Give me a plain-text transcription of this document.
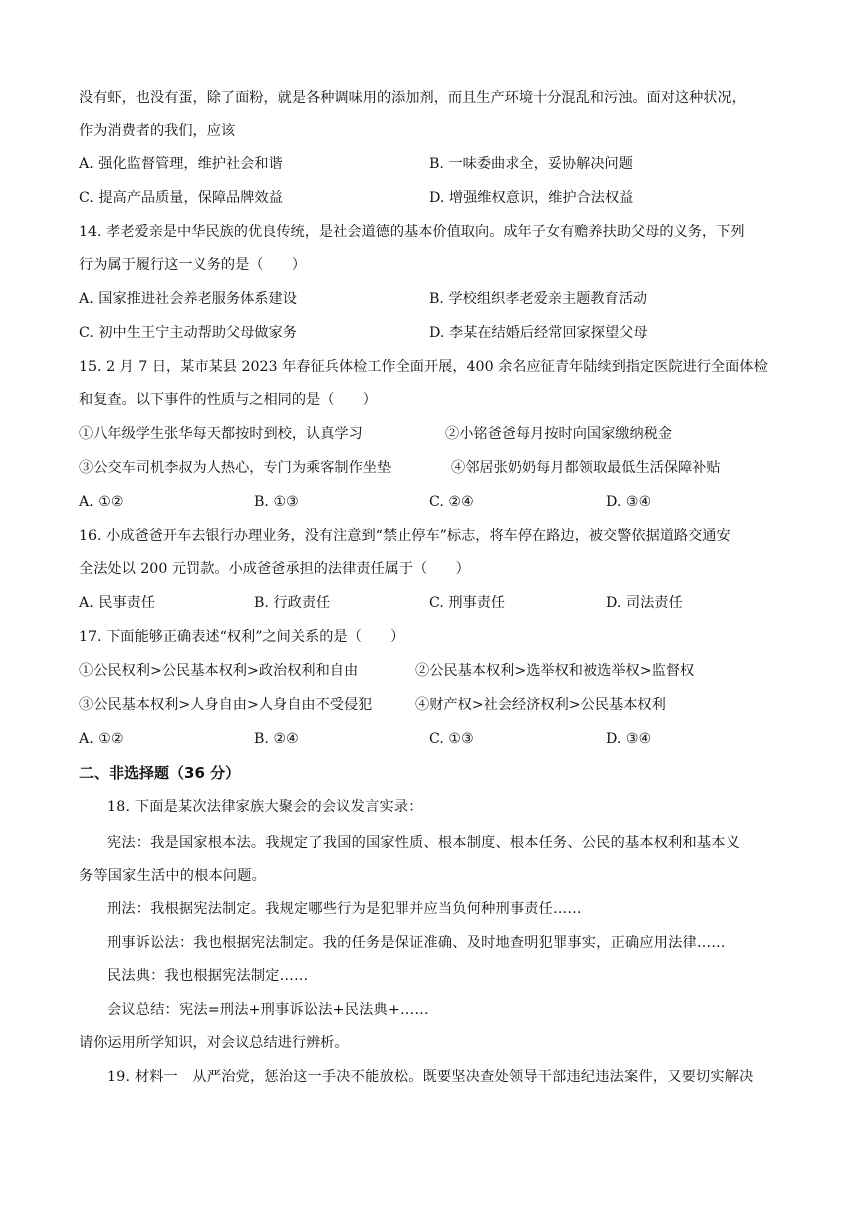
没有虾，也没有蛋，除了面粉，就是各种调味用的添加剂，而且生产环境十分混乱和污浊。面对这种状况，
作为消费者的我们，应该
A. 强化监督管理，维护社会和谐	B. 一味委曲求全，妥协解决问题
C. 提高产品质量，保障品牌效益	D. 增强维权意识，维护合法权益
14. 孝老爱亲是中华民族的优良传统，是社会道德的基本价值取向。成年子女有赡养扶助父母的义务，下列
行为属于履行这一义务的是（　　）
A. 国家推进社会养老服务体系建设	B. 学校组织孝老爱亲主题教育活动
C. 初中生王宁主动帮助父母做家务	D. 李某在结婚后经常回家探望父母
15. 2 月 7 日，某市某县 2023 年春征兵体检工作全面开展，400 余名应征青年陆续到指定医院进行全面体检
和复查。以下事件的性质与之相同的是（　　）
①八年级学生张华每天都按时到校，认真学习	②小铭爸爸每月按时向国家缴纳税金
③公交车司机李叔为人热心，专门为乘客制作坐垫	④邻居张奶奶每月都领取最低生活保障补贴
A. ①②	B. ①③	C. ②④	D. ③④
16. 小成爸爸开车去银行办理业务，没有注意到“禁止停车”标志，将车停在路边，被交警依据道路交通安
全法处以 200 元罚款。小成爸爸承担的法律责任属于（　　）
A. 民事责任	B. 行政责任	C. 刑事责任	D. 司法责任
17. 下面能够正确表述“权利”之间关系的是（　　）
①公民权利>公民基本权利>政治权利和自由	②公民基本权利>选举权和被选举权>监督权
③公民基本权利>人身自由>人身自由不受侵犯	④财产权>社会经济权利>公民基本权利
A. ①②	B. ②④	C. ①③	D. ③④
二、非选择题（36 分）
18. 下面是某次法律家族大聚会的会议发言实录：
宪法：我是国家根本法。我规定了我国的国家性质、根本制度、根本任务、公民的基本权利和基本义
务等国家生活中的根本问题。
刑法：我根据宪法制定。我规定哪些行为是犯罪并应当负何种刑事责任……
刑事诉讼法：我也根据宪法制定。我的任务是保证准确、及时地查明犯罪事实，正确应用法律……
民法典：我也根据宪法制定……
会议总结：宪法=刑法+刑事诉讼法+民法典+……
请你运用所学知识，对会议总结进行辨析。
19. 材料一　从严治党，惩治这一手决不能放松。既要坚决查处领导干部违纪违法案件，又要切实解决
